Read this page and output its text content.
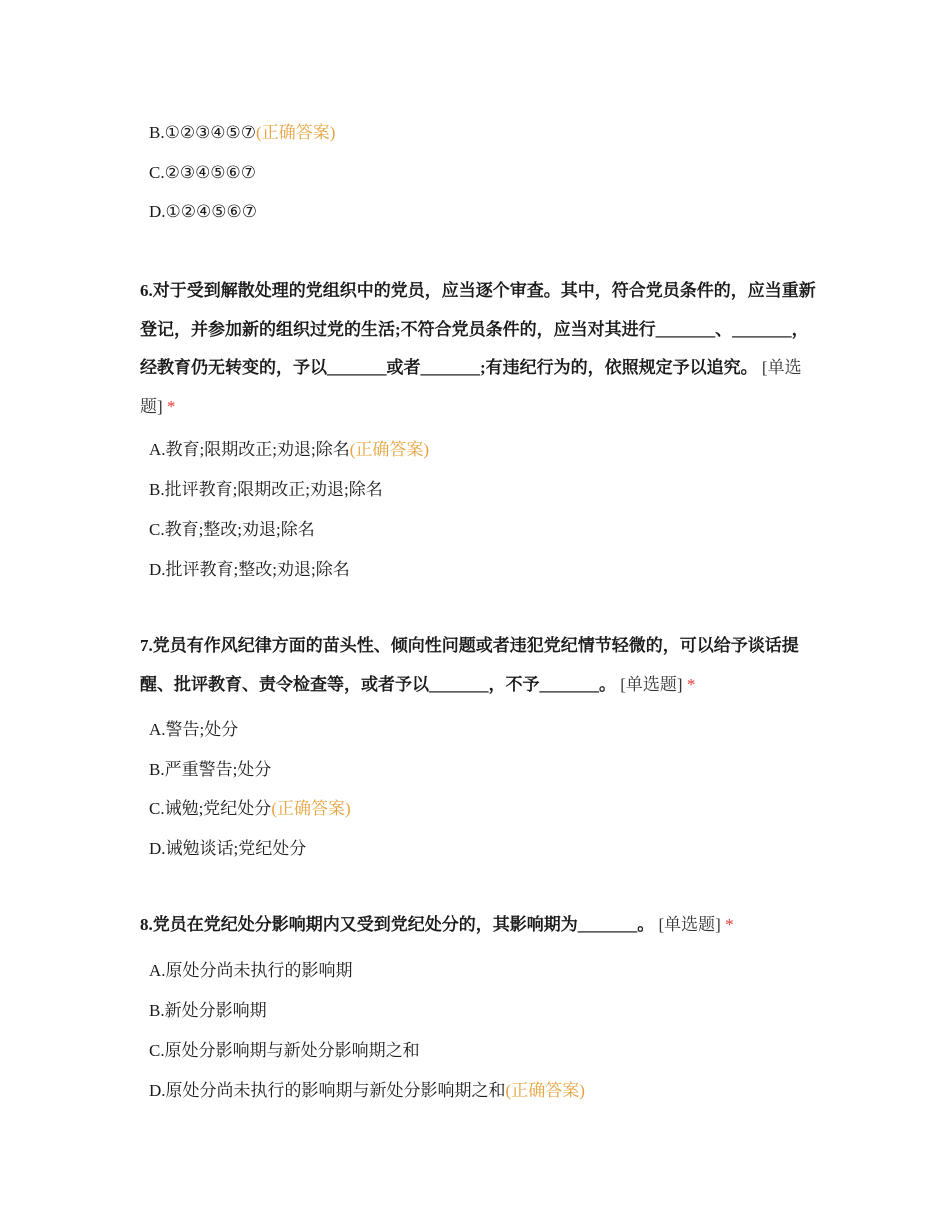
B.①②③④⑤⑦(正确答案)
C.②③④⑤⑥⑦
D.①②④⑤⑥⑦
6.对于受到解散处理的党组织中的党员，应当逐个审查。其中，符合党员条件的，应当重新登记，并参加新的组织过党的生活;不符合党员条件的，应当对其进行_______、_______，经教育仍无转变的，予以_______或者_______;有违纪行为的，依照规定予以追究。 [单选题] *
A.教育;限期改正;劝退;除名(正确答案)
B.批评教育;限期改正;劝退;除名
C.教育;整改;劝退;除名
D.批评教育;整改;劝退;除名
7.党员有作风纪律方面的苗头性、倾向性问题或者违犯党纪情节轻微的，可以给予谈话提醒、批评教育、责令检查等，或者予以_______，不予_______。 [单选题] *
A.警告;处分
B.严重警告;处分
C.诫勉;党纪处分(正确答案)
D.诫勉谈话;党纪处分
8.党员在党纪处分影响期内又受到党纪处分的，其影响期为_______。 [单选题] *
A.原处分尚未执行的影响期
B.新处分影响期
C.原处分影响期与新处分影响期之和
D.原处分尚未执行的影响期与新处分影响期之和(正确答案)
